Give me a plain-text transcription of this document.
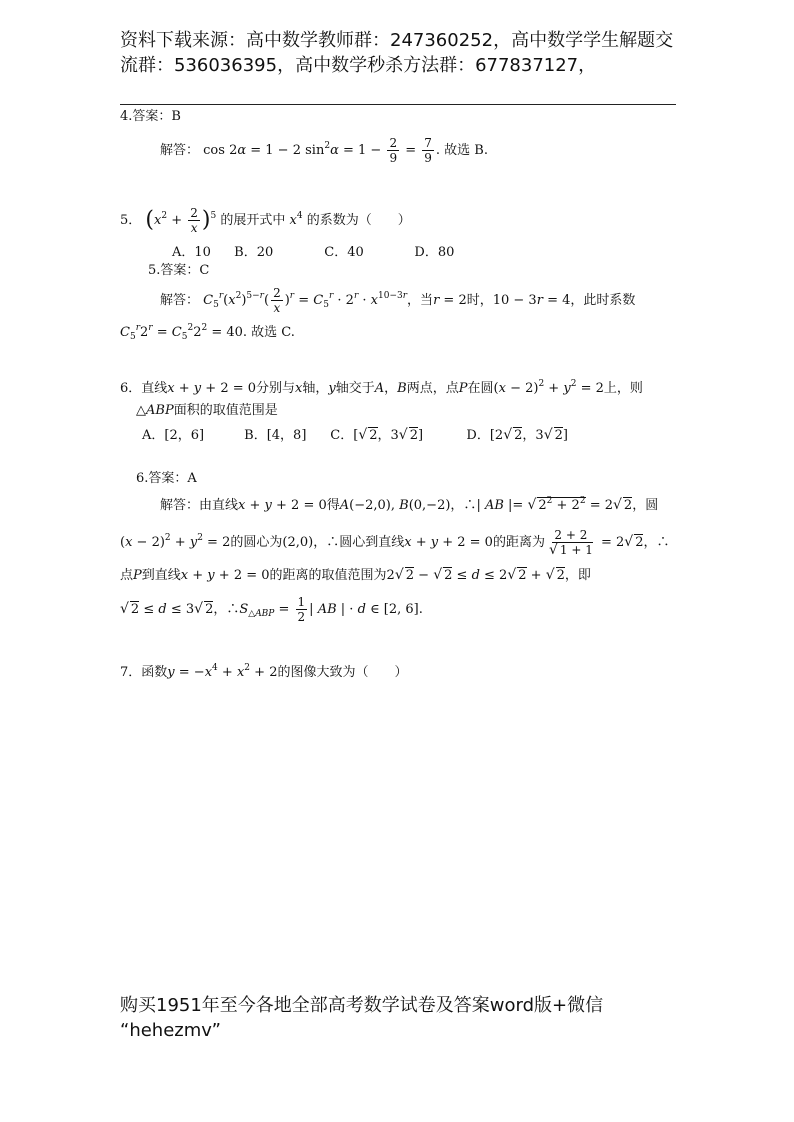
资料下载来源：高中数学教师群：247360252，高中数学学生解题交
流群：536036395，高中数学秒杀方法群：677837127，
4.答案：B
解答： cos 2α = 1 − 2 $\sin^2\alpha = 1 - \frac{2}{9} = \frac{7}{9}$ . 故选 B.
5． $(x^2 + \frac{2}{x} )^5$ 的展开式中 $x^4$ 的系数为（　　）
A．10 B．20	C．40	D．80
5.答案：C
解答： $C_5^r(x^2)^{5-r}( \frac{2}{x} )^r = C_5^r \cdot 2^r \cdot x^{10-3r}$，当r = 2时，10 − 3r = 4，此时系数
$C_5^r2^r = C_5^22^2 = 40$. 故选 C.
6．直线x + y + 2 = 0分别与x轴，y轴交于A，B两点，点P在圆$(x - 2)^2 + y^2 = 2$上，则
△ABP面积的取值范围是
A．[2，6]	B．[4，8] C．[√ 2，3√ 2]	D．[2√ 2，3√ 2]
6.答案：A
解答：由直线x + y + 2 = 0得A(−2,0), B(0,−2)，∴| AB |= √ $2^2 + 2^2 = 2√$ 2，圆
$(x - 2)^2 + y^2 = 2$的圆心为(2,0)，∴圆心到直线x + y + 2 = 0的距离为 $\frac{2 + 2}{√ 1 + 1} = 2√$ 2，∴
点P到直线x + y + 2 = 0的距离的取值范围为2√ 2 − √ 2 ≤ d ≤ 2√ 2 + √ 2，即
√ 2 ≤ d ≤ 3√ 2，$\therefore S_{\triangle ABP} = \frac{1}{2}$ | AB | · d ∈ [2, 6].
7．函数$y = -x^4 + x^2 + 2$的图像大致为（　　）
购买1951年至今各地全部高考数学试卷及答案word版+微信
“hehezmv”
